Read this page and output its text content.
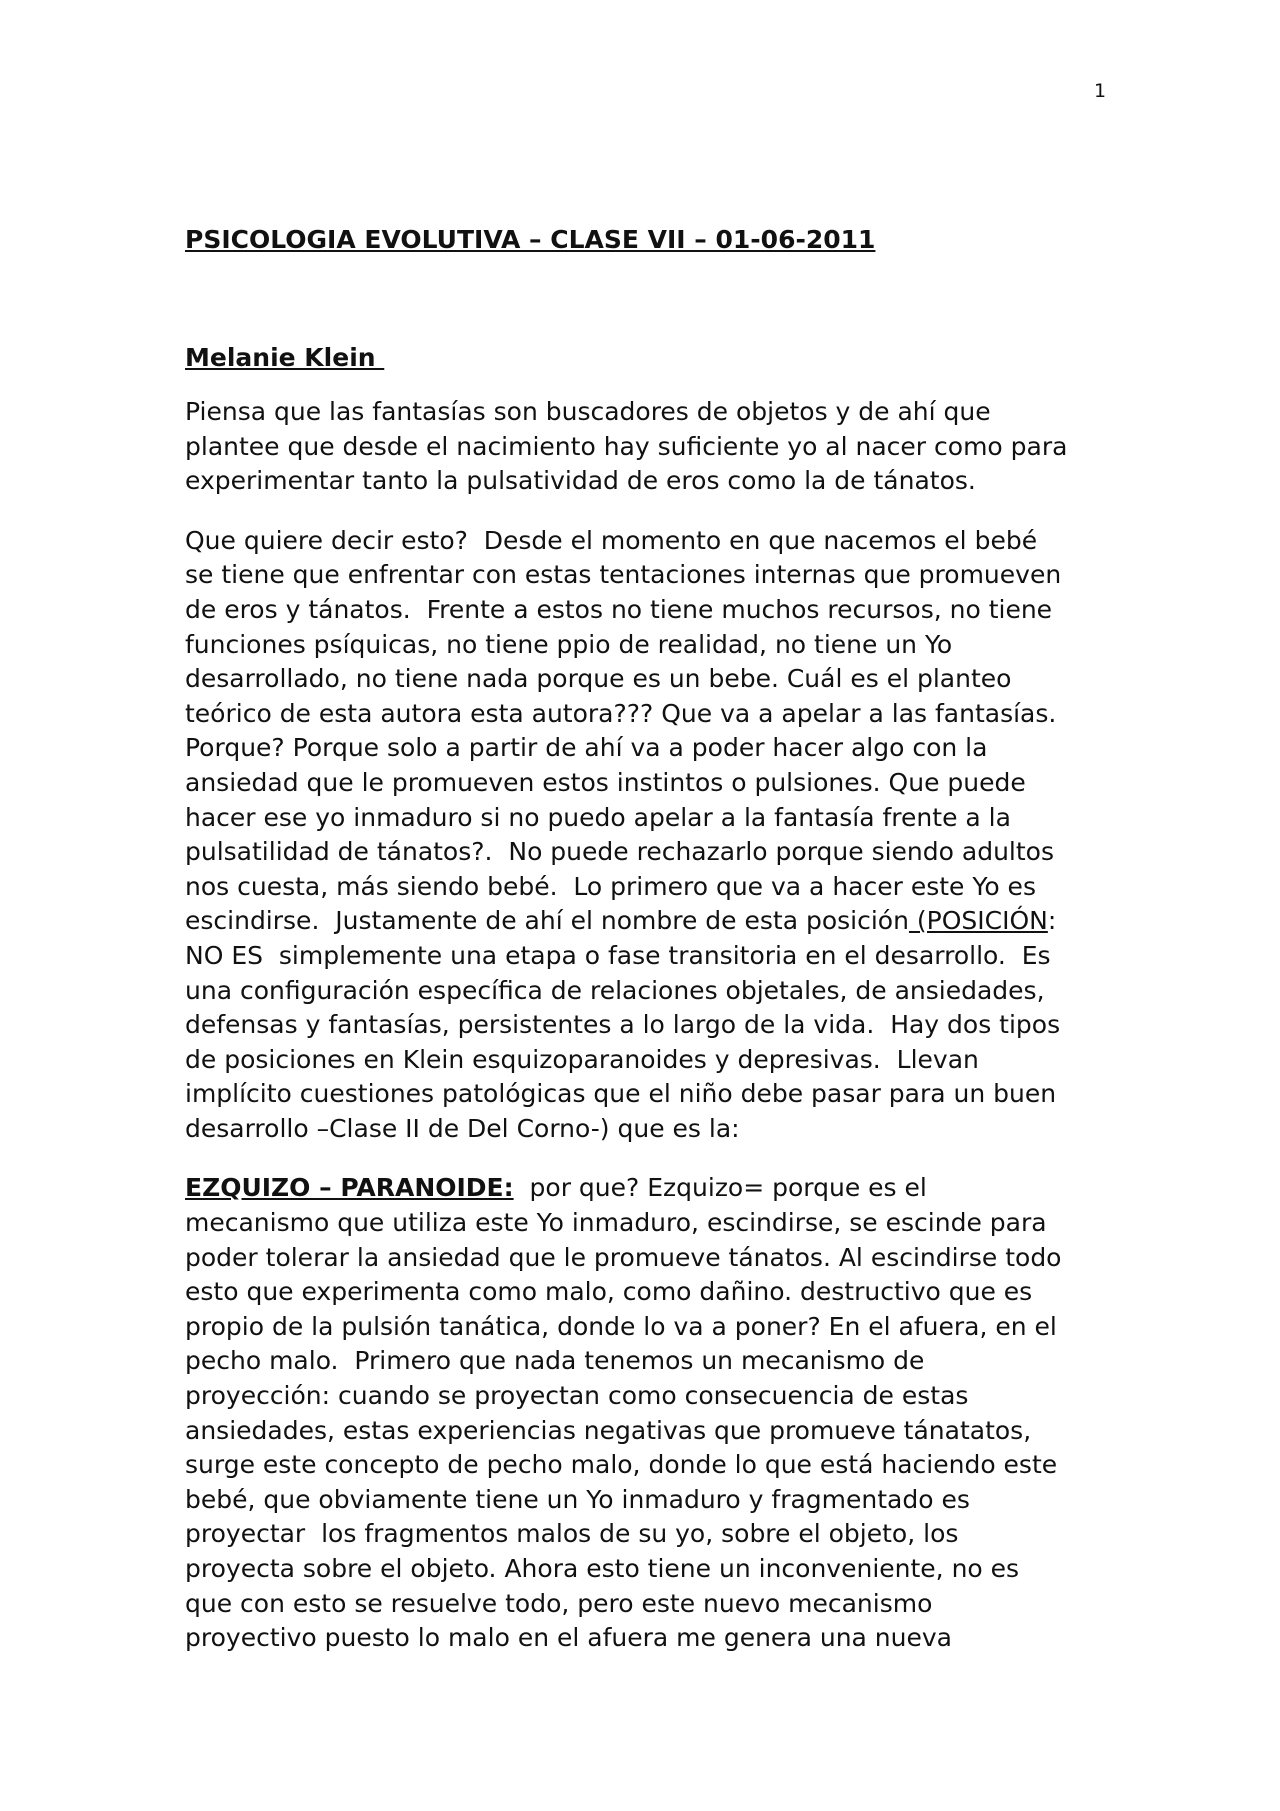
1
PSICOLOGIA EVOLUTIVA – CLASE VII – 01-06-2011
Melanie Klein
Piensa que las fantasías son buscadores de objetos y de ahí que
plantee que desde el nacimiento hay suficiente yo al nacer como para
experimentar tanto la pulsatividad de eros como la de tánatos.
Que quiere decir esto?  Desde el momento en que nacemos el bebé
se tiene que enfrentar con estas tentaciones internas que promueven
de eros y tánatos.  Frente a estos no tiene muchos recursos, no tiene
funciones psíquicas, no tiene ppio de realidad, no tiene un Yo
desarrollado, no tiene nada porque es un bebe. Cuál es el planteo
teórico de esta autora esta autora??? Que va a apelar a las fantasías.
Porque? Porque solo a partir de ahí va a poder hacer algo con la
ansiedad que le promueven estos instintos o pulsiones. Que puede
hacer ese yo inmaduro si no puedo apelar a la fantasía frente a la
pulsatilidad de tánatos?.  No puede rechazarlo porque siendo adultos
nos cuesta, más siendo bebé.  Lo primero que va a hacer este Yo es
escindirse.  Justamente de ahí el nombre de esta posición (POSICIÓN:
NO ES  simplemente una etapa o fase transitoria en el desarrollo.  Es
una configuración específica de relaciones objetales, de ansiedades,
defensas y fantasías, persistentes a lo largo de la vida.  Hay dos tipos
de posiciones en Klein esquizoparanoides y depresivas.  Llevan
implícito cuestiones patológicas que el niño debe pasar para un buen
desarrollo –Clase II de Del Corno-) que es la:
EZQUIZO – PARANOIDE:  por que? Ezquizo= porque es el
mecanismo que utiliza este Yo inmaduro, escindirse, se escinde para
poder tolerar la ansiedad que le promueve tánatos. Al escindirse todo
esto que experimenta como malo, como dañino. destructivo que es
propio de la pulsión tanática, donde lo va a poner? En el afuera, en el
pecho malo.  Primero que nada tenemos un mecanismo de
proyección: cuando se proyectan como consecuencia de estas
ansiedades, estas experiencias negativas que promueve tánatatos,
surge este concepto de pecho malo, donde lo que está haciendo este
bebé, que obviamente tiene un Yo inmaduro y fragmentado es
proyectar  los fragmentos malos de su yo, sobre el objeto, los
proyecta sobre el objeto. Ahora esto tiene un inconveniente, no es
que con esto se resuelve todo, pero este nuevo mecanismo
proyectivo puesto lo malo en el afuera me genera una nueva
